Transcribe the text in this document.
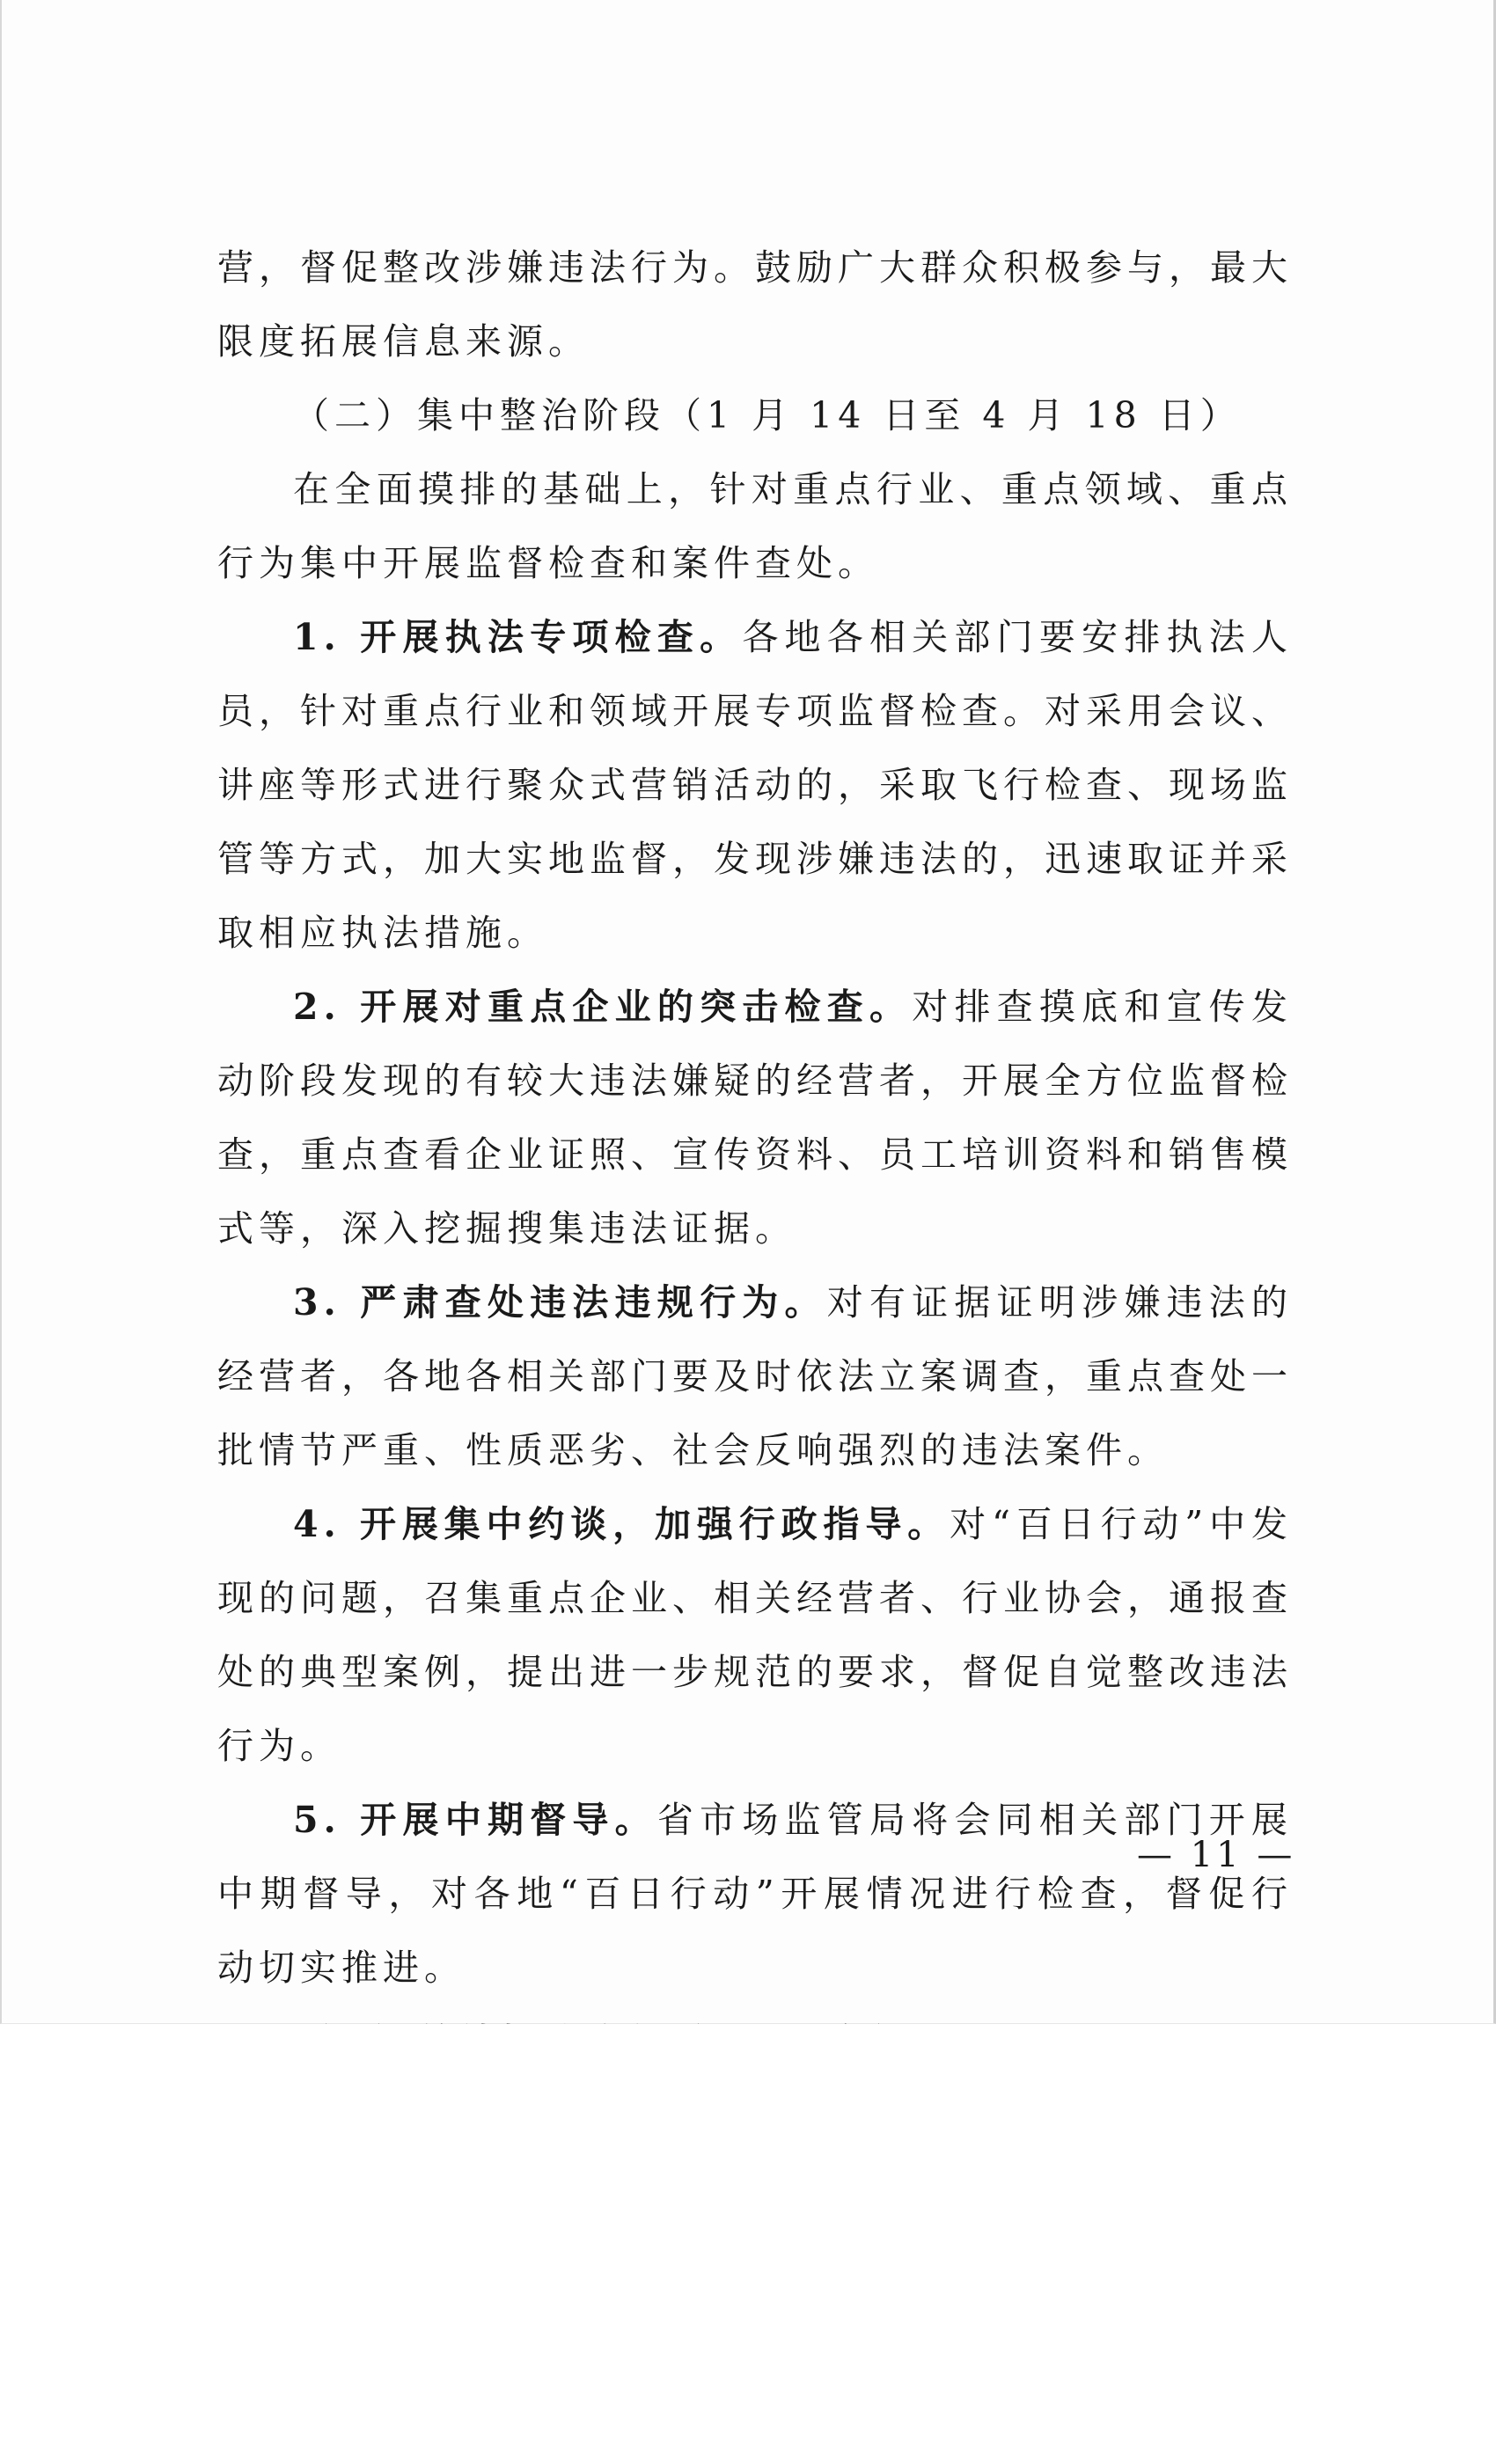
营，督促整改涉嫌违法行为。鼓励广大群众积极参与，最大限度拓展信息来源。

（二）集中整治阶段（1 月 14 日至 4 月 18 日）

在全面摸排的基础上，针对重点行业、重点领域、重点行为集中开展监督检查和案件查处。

1. 开展执法专项检查。各地各相关部门要安排执法人员，针对重点行业和领域开展专项监督检查。对采用会议、讲座等形式进行聚众式营销活动的，采取飞行检查、现场监管等方式，加大实地监督，发现涉嫌违法的，迅速取证并采取相应执法措施。

2. 开展对重点企业的突击检查。对排查摸底和宣传发动阶段发现的有较大违法嫌疑的经营者，开展全方位监督检查，重点查看企业证照、宣传资料、员工培训资料和销售模式等，深入挖掘搜集违法证据。

3. 严肃查处违法违规行为。对有证据证明涉嫌违法的经营者，各地各相关部门要及时依法立案调查，重点查处一批情节严重、性质恶劣、社会反响强烈的违法案件。

4. 开展集中约谈，加强行政指导。对“百日行动”中发现的问题，召集重点企业、相关经营者、行业协会，通报查处的典型案例，提出进一步规范的要求，督促自觉整改违法行为。

5. 开展中期督导。省市场监管局将会同相关部门开展中期督导，对各地“百日行动”开展情况进行检查，督促行动切实推进。

— 11 —
